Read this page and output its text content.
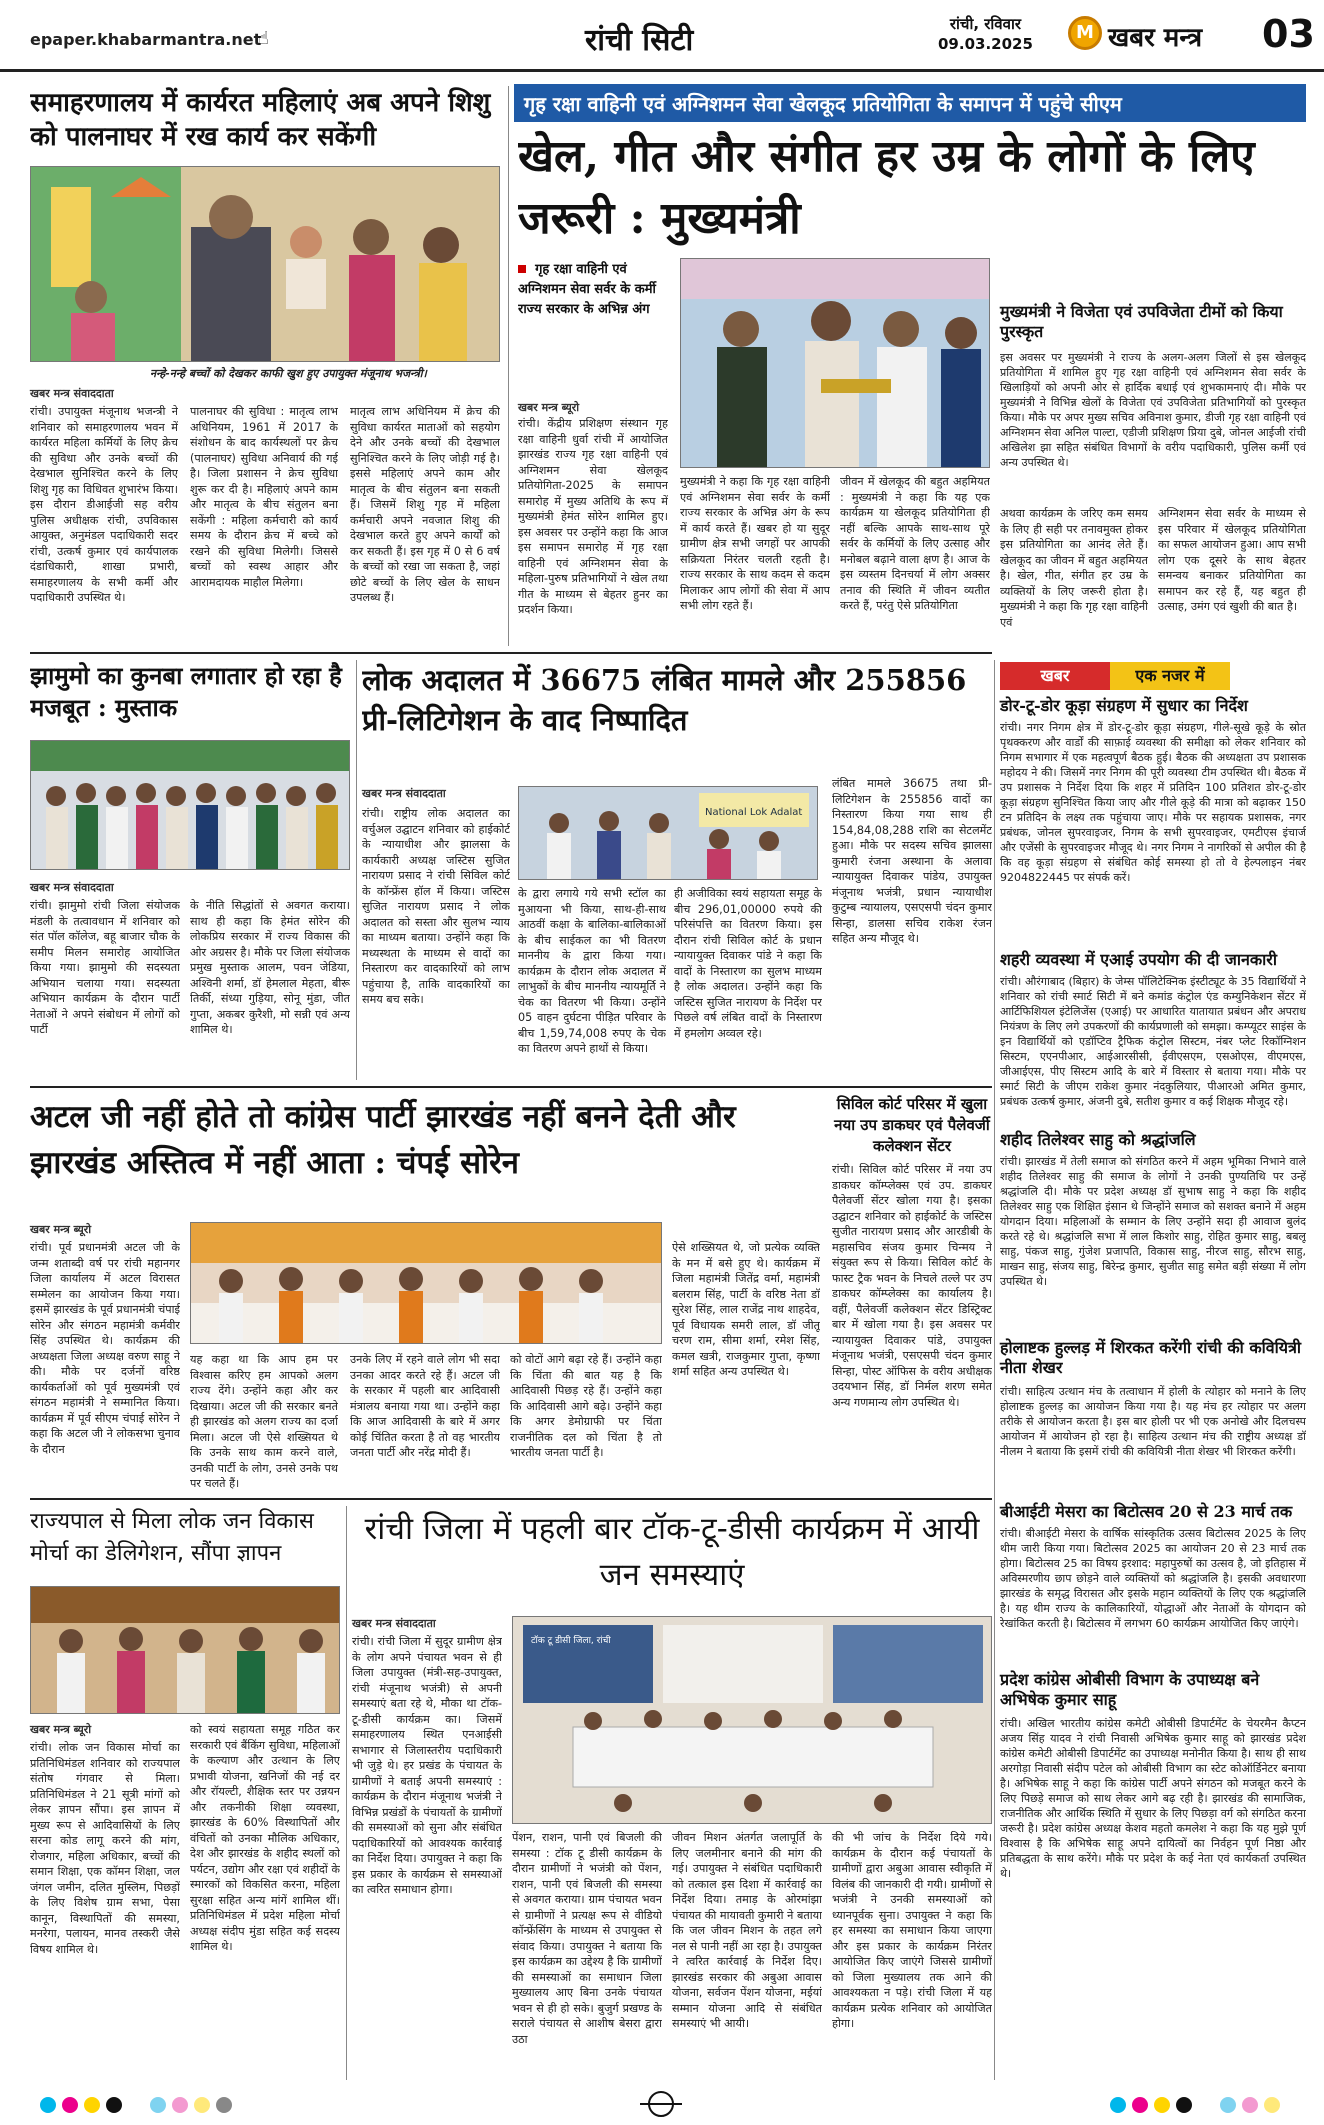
epaper.khabarmantra.net
☝	रांची सिटी	रांची, रविवार
09.03.2025
M खबर मन्त्र 03
समाहरणालय में कार्यरत महिलाएं अब अपने शिशु को पालनाघर में रख कार्य कर सकेंगी
नन्हे-नन्हे बच्चों को देखकर काफी खुश हुए उपायुक्त मंजूनाथ भजन्त्री।
खबर मन्त्र संवाददाता
रांची। उपायुक्त मंजूनाथ भजन्त्री ने शनिवार को समाहरणालय भवन में कार्यरत महिला कर्मियों के लिए क्रेच की सुविधा और उनके बच्चों की देखभाल सुनिश्चित करने के लिए शिशु गृह का विधिवत शुभारंभ किया। इस दौरान डीआईजी सह वरीय पुलिस अधीक्षक रांची, उपविकास आयुक्त, अनुमंडल पदाधिकारी सदर रांची, उत्कर्ष कुमार एवं कार्यपालक दंडाधिकारी, शाखा प्रभारी, समाहरणालय के सभी कर्मी और पदाधिकारी उपस्थित थे।
पालनाघर की सुविधा : मातृत्व लाभ अधिनियम, 1961 में 2017 के संशोधन के बाद कार्यस्थलों पर क्रेच (पालनाघर) सुविधा अनिवार्य की गई है। जिला प्रशासन ने क्रेच सुविधा शुरू कर दी है। महिलाएं अपने काम और मातृत्व के बीच संतुलन बना सकेंगी : महिला कर्मचारी को कार्य समय के दौरान क्रेच में बच्चे को रखने की सुविधा मिलेगी। जिससे बच्चों को स्वस्थ आहार और आरामदायक माहौल मिलेगा।
मातृत्व लाभ अधिनियम में क्रेच की सुविधा कार्यरत माताओं को सहयोग देने और उनके बच्चों की देखभाल सुनिश्चित करने के लिए जोड़ी गई है। इससे महिलाएं अपने काम और मातृत्व के बीच संतुलन बना सकती हैं। जिसमें शिशु गृह में महिला कर्मचारी अपने नवजात शिशु की देखभाल करते हुए अपने कार्यों को कर सकती हैं। इस गृह में 0 से 6 वर्ष के बच्चों को रखा जा सकता है, जहां छोटे बच्चों के लिए खेल के साधन उपलब्ध हैं।
गृह रक्षा वाहिनी एवं अग्निशमन सेवा खेलकूद प्रतियोगिता के समापन में पहुंचे सीएम
खेल, गीत और संगीत हर उम्र के लोगों के लिए जरूरी : मुख्यमंत्री
गृह रक्षा वाहिनी एवं अग्निशमन सेवा सर्वर के कर्मी राज्य सरकार के अभिन्न अंग
खबर मन्त्र ब्यूरो
रांची। केंद्रीय प्रशिक्षण संस्थान गृह रक्षा वाहिनी धुर्वा रांची में आयोजित झारखंड राज्य गृह रक्षा वाहिनी एवं अग्निशमन सेवा खेलकूद प्रतियोगिता-2025 के समापन समारोह में मुख्य अतिथि के रूप में मुख्यमंत्री हेमंत सोरेन शामिल हुए। इस अवसर पर उन्होंने कहा कि आज इस समापन समारोह में गृह रक्षा वाहिनी एवं अग्निशमन सेवा के महिला-पुरुष प्रतिभागियों ने खेल तथा गीत के माध्यम से बेहतर हुनर का प्रदर्शन किया।
मुख्यमंत्री ने कहा कि गृह रक्षा वाहिनी एवं अग्निशमन सेवा सर्वर के कर्मी राज्य सरकार के अभिन्न अंग के रूप में कार्य करते हैं। खबर हो या सुदूर ग्रामीण क्षेत्र सभी जगहों पर आपकी सक्रियता निरंतर चलती रहती है। राज्य सरकार के साथ कदम से कदम मिलाकर आप लोगों की सेवा में आप सभी लोग रहते हैं।
जीवन में खेलकूद की बहुत अहमियत : मुख्यमंत्री ने कहा कि यह एक कार्यक्रम या खेलकूद प्रतियोगिता ही नहीं बल्कि आपके साथ-साथ पूरे सर्वर के कर्मियों के लिए उत्साह और मनोबल बढ़ाने वाला क्षण है। आज के इस व्यस्तम दिनचर्या में लोग अक्सर तनाव की स्थिति में जीवन व्यतीत करते हैं, परंतु ऐसे प्रतियोगिता
मुख्यमंत्री ने विजेता एवं उपविजेता टीमों को किया पुरस्कृत
इस अवसर पर मुख्यमंत्री ने राज्य के अलग-अलग जिलों से इस खेलकूद प्रतियोगिता में शामिल हुए गृह रक्षा वाहिनी एवं अग्निशमन सेवा सर्वर के खिलाड़ियों को अपनी ओर से हार्दिक बधाई एवं शुभकामनाएं दी। मौके पर मुख्यमंत्री ने विभिन्न खेलों के विजेता एवं उपविजेता प्रतिभागियों को पुरस्कृत किया। मौके पर अपर मुख्य सचिव अविनाश कुमार, डीजी गृह रक्षा वाहिनी एवं अग्निशमन सेवा अनिल पाल्टा, एडीजी प्रशिक्षण प्रिया दुबे, जोनल आईजी रांची अखिलेश झा सहित संबंधित विभागों के वरीय पदाधिकारी, पुलिस कर्मी एवं अन्य उपस्थित थे।
अथवा कार्यक्रम के जरिए कम समय के लिए ही सही पर तनावमुक्त होकर इस प्रतियोगिता का आनंद लेते हैं। खेलकूद का जीवन में बहुत अहमियत है। खेल, गीत, संगीत हर उम्र के व्यक्तियों के लिए जरूरी होता है। मुख्यमंत्री ने कहा कि गृह रक्षा वाहिनी एवं
अग्निशमन सेवा सर्वर के माध्यम से इस परिवार में खेलकूद प्रतियोगिता का सफल आयोजन हुआ। आप सभी लोग एक दूसरे के साथ बेहतर समन्वय बनाकर प्रतियोगिता का समापन कर रहे हैं, यह बहुत ही उत्साह, उमंग एवं खुशी की बात है।
झामुमो का कुनबा लगातार हो रहा है मजबूत : मुस्ताक
खबर मन्त्र संवाददाता
रांची। झामुमो रांची जिला संयोजक मंडली के तत्वावधान में शनिवार को संत पॉल कॉलेज, बहू बाजार चौक के समीप मिलन समारोह आयोजित किया गया। झामुमो की सदस्यता अभियान चलाया गया। सदस्यता अभियान कार्यक्रम के दौरान पार्टी नेताओं ने अपने संबोधन में लोगों को पार्टी
के नीति सिद्धांतों से अवगत कराया। साथ ही कहा कि हेमंत सोरेन की लोकप्रिय सरकार में राज्य विकास की ओर अग्रसर है। मौके पर जिला संयोजक प्रमुख मुस्ताक आलम, पवन जेडिया, अश्विनी शर्मा, डॉ हेमलाल मेहता, बीरू तिर्की, संध्या गुड़िया, सोनू मुंडा, जीत गुप्ता, अकबर कुरैशी, मो सन्नी एवं अन्य शामिल थे।
लोक अदालत में 36675 लंबित मामले और 255856 प्री-लिटिगेशन के वाद निष्पादित
खबर मन्त्र संवाददाता
रांची। राष्ट्रीय लोक अदालत का वर्चुअल उद्घाटन शनिवार को हाईकोर्ट के न्यायाधीश और झालसा के कार्यकारी अध्यक्ष जस्टिस सुजित नारायण प्रसाद ने रांची सिविल कोर्ट के कॉन्फ्रेंस हॉल में किया। जस्टिस सुजित नारायण प्रसाद ने लोक अदालत को सस्ता और सुलभ न्याय का माध्यम बताया। उन्होंने कहा कि मध्यस्थता के माध्यम से वादों का निस्तारण कर वादकारियों को लाभ पहुंचाया है, ताकि वादकारियों का समय बच सके।
National Lok Adalat
के द्वारा लगाये गये सभी स्टॉल का मुआयना भी किया, साथ-ही-साथ आठवीं कक्षा के बालिका-बालिकाओं के बीच साईकल का भी वितरण माननीय के द्वारा किया गया। कार्यक्रम के दौरान लोक अदालत में लाभुकों के बीच माननीय न्यायमूर्ति ने चेक का वितरण भी किया। उन्होंने 05 वाहन दुर्घटना पीड़ित परिवार के बीच 1,59,74,008 रुपए के चेक का वितरण अपने हाथों से किया।
ही अजीविका स्वयं सहायता समूह के बीच 296,01,00000 रुपये की परिसंपत्ति का वितरण किया। इस दौरान रांची सिविल कोर्ट के प्रधान न्यायायुक्त दिवाकर पांडे ने कहा कि वादों के निस्तारण का सुलभ माध्यम है लोक अदालत। उन्होंने कहा कि जस्टिस सुजित नारायण के निर्देश पर पिछले वर्ष लंबित वादों के निस्तारण में हमलोग अव्वल रहे।
लंबित मामले 36675 तथा प्री-लिटिगेशन के 255856 वादों का निस्तारण किया गया साथ ही 154,84,08,288 राशि का सेटलमेंट हुआ। मौके पर सदस्य सचिव झालसा कुमारी रंजना अस्थाना के अलावा न्यायायुक्त दिवाकर पांडेय, उपायुक्त मंजूनाथ भजंत्री, प्रधान न्यायाधीश कुटुम्ब न्यायालय, एसएसपी चंदन कुमार सिन्हा, डालसा सचिव राकेश रंजन सहित अन्य मौजूद थे।
खबर	एक नजर में
डोर-टू-डोर कूड़ा संग्रहण में सुधार का निर्देश
रांची। नगर निगम क्षेत्र में डोर-टू-डोर कूड़ा संग्रहण, गीले-सूखे कूड़े के स्रोत पृथक्करण और वार्डों की साफ़ाई व्यवस्था की समीक्षा को लेकर शनिवार को निगम सभागार में एक महत्वपूर्ण बैठक हुई। बैठक की अध्यक्षता उप प्रशासक महोदय ने की। जिसमें नगर निगम की पूरी व्यवस्था टीम उपस्थित थी। बैठक में उप प्रशासक ने निर्देश दिया कि शहर में प्रतिदिन 100 प्रतिशत डोर-टू-डोर कूड़ा संग्रहण सुनिश्चित किया जाए और गीले कूड़े की मात्रा को बढ़ाकर 150 टन प्रतिदिन के लक्ष्य तक पहुंचाया जाए। मौके पर सहायक प्रशासक, नगर प्रबंधक, जोनल सुपरवाइजर, निगम के सभी सुपरवाइजर, एमटीएस इंचार्ज और एजेंसी के सुपरवाइजर मौजूद थे। नगर निगम ने नागरिकों से अपील की है कि वह कूड़ा संग्रहण से संबंधित कोई समस्या हो तो वे हेल्पलाइन नंबर 9204822445 पर संपर्क करें।
शहरी व्यवस्था में एआई उपयोग की दी जानकारी
रांची। औरंगाबाद (बिहार) के जेम्स पॉलिटेक्निक इंस्टीट्यूट के 35 विद्यार्थियों ने शनिवार को रांची स्मार्ट सिटी में बने कमांड कंट्रोल एंड कम्युनिकेशन सेंटर में आर्टिफिशियल इंटेलिजेंस (एआई) पर आधारित यातायात प्रबंधन और अपराध नियंत्रण के लिए लगे उपकरणों की कार्यप्रणाली को समझा। कम्प्यूटर साइंस के इन विद्यार्थियों को एडॉप्टिव ट्रैफिक कंट्रोल सिस्टम, नंबर प्लेट रिकॉग्निशन सिस्टम, एएनपीआर, आईआरसीसी, ईवीएसएम, एसओएस, वीएमएस, जीआईएस, पीए सिस्टम आदि के बारे में विस्तार से बताया गया। मौके पर स्मार्ट सिटी के जीएम राकेश कुमार नंदकुलियार, पीआरओ अमित कुमार, प्रबंधक उत्कर्ष कुमार, अंजनी दुबे, सतीश कुमार व कई शिक्षक मौजूद रहे।
शहीद तिलेश्वर साहु को श्रद्धांजलि
रांची। झारखंड में तेली समाज को संगठित करने में अहम भूमिका निभाने वाले शहीद तिलेश्वर साहु की समाज के लोगों ने उनकी पुण्यतिथि पर उन्हें श्रद्धांजलि दी। मौके पर प्रदेश अध्यक्ष डॉ सुभाष साहु ने कहा कि शहीद तिलेश्वर साहु एक शिक्षित इंसान थे जिन्होंने समाज को सशक्त बनाने में अहम योगदान दिया। महिलाओं के सम्मान के लिए उन्होंने सदा ही आवाज बुलंद करते रहे थे। श्रद्धांजलि सभा में लाल किशोर साहु, रोहित कुमार साहु, बबलू साहु, पंकज साहु, गुंजेश प्रजापति, विकास साहु, नीरज साहु, सौरभ साहु, माखन साहु, संजय साहु, बिरेन्द्र कुमार, सुजीत साहु समेत बड़ी संख्या में लोग उपस्थित थे।
होलाष्टक हुल्लड़ में शिरकत करेंगी रांची की कवियित्री नीता शेखर
रांची। साहित्य उत्थान मंच के तत्वाधान में होली के त्योहार को मनाने के लिए होलाष्टक हुल्लड़ का आयोजन किया गया है। यह मंच हर त्योहार पर अलग तरीके से आयोजन करता है। इस बार होली पर भी एक अनोखे और दिलचस्प आयोजन में आयोजन हो रहा है। साहित्य उत्थान मंच की राष्ट्रीय अध्यक्ष डॉ नीलम ने बताया कि इसमें रांची की कवियित्री नीता शेखर भी शिरकत करेंगी।
बीआईटी मेसरा का बिटोत्सव 20 से 23 मार्च तक
रांची। बीआईटी मेसरा के वार्षिक सांस्कृतिक उत्सव बिटोत्सव 2025 के लिए थीम जारी किया गया। बिटोत्सव 2025 का आयोजन 20 से 23 मार्च तक होगा। बिटोत्सव 25 का विषय इरशाद: महापुरुषों का उत्सव है, जो इतिहास में अविस्मरणीय छाप छोड़ने वाले व्यक्तियों को श्रद्धांजलि है। इसकी अवधारणा झारखंड के समृद्ध विरासत और इसके महान व्यक्तियों के लिए एक श्रद्धांजलि है। यह थीम राज्य के कालिकारियों, योद्धाओं और नेताओं के योगदान को रेखांकित करती है। बिटोत्सव में लगभग 60 कार्यक्रम आयोजित किए जाएंगे।
प्रदेश कांग्रेस ओबीसी विभाग के उपाध्यक्ष बने अभिषेक कुमार साहू
रांची। अखिल भारतीय कांग्रेस कमेटी ओबीसी डिपार्टमेंट के चेयरमैन कैप्टन अजय सिंह यादव ने रांची निवासी अभिषेक कुमार साहू को झारखंड प्रदेश कांग्रेस कमेटी ओबीसी डिपार्टमेंट का उपाध्यक्ष मनोनीत किया है। साथ ही साथ अरगोड़ा निवासी संदीप पटेल को ओबीसी विभाग का स्टेट कोऑर्डिनेटर बनाया है। अभिषेक साहू ने कहा कि कांग्रेस पार्टी अपने संगठन को मजबूत करने के लिए पिछड़े समाज को साथ लेकर आगे बढ़ रही है। झारखंड की सामाजिक, राजनीतिक और आर्थिक स्थिति में सुधार के लिए पिछड़ा वर्ग को संगठित करना जरूरी है। प्रदेश कांग्रेस अध्यक्ष केशव महतो कमलेश ने कहा कि यह मुझे पूर्ण विश्वास है कि अभिषेक साहू अपने दायित्वों का निर्वहन पूर्ण निष्ठा और प्रतिबद्धता के साथ करेंगे। मौके पर प्रदेश के कई नेता एवं कार्यकर्ता उपस्थित थे।
अटल जी नहीं होते तो कांग्रेस पार्टी झारखंड नहीं बनने देती और झारखंड अस्तित्व में नहीं आता : चंपई सोरेन
खबर मन्त्र ब्यूरो
रांची। पूर्व प्रधानमंत्री अटल जी के जन्म शताब्दी वर्ष पर रांची महानगर जिला कार्यालय में अटल विरासत सम्मेलन का आयोजन किया गया। इसमें झारखंड के पूर्व प्रधानमंत्री चंपाई सोरेन और संगठन महामंत्री कर्मवीर सिंह उपस्थित थे। कार्यक्रम की अध्यक्षता जिला अध्यक्ष वरुण साहू ने की। मौके पर दर्जनों वरिष्ठ कार्यकर्ताओं को पूर्व मुख्यमंत्री एवं संगठन महामंत्री ने सम्मानित किया। कार्यक्रम में पूर्व सीएम चंपाई सोरेन ने कहा कि अटल जी ने लोकसभा चुनाव के दौरान
यह कहा था कि आप हम पर विश्वास करिए हम आपको अलग राज्य देंगे। उन्होंने कहा और कर दिखाया। अटल जी की सरकार बनते ही झारखंड को अलग राज्य का दर्जा मिला। अटल जी ऐसे शख्सियत थे कि उनके साथ काम करने वाले, उनकी पार्टी के लोग, उनसे उनके पथ पर चलते हैं।
उनके लिए में रहने वाले लोग भी सदा उनका आदर करते रहे हैं। अटल जी के सरकार में पहली बार आदिवासी मंत्रालय बनाया गया था। उन्होंने कहा कि आज आदिवासी के बारे में अगर कोई चिंतित करता है तो वह भारतीय जनता पार्टी और नरेंद्र मोदी हैं।
को वोटों आगे बढ़ा रहे हैं। उन्होंने कहा कि चिंता की बात यह है कि आदिवासी पिछड़ रहे हैं। उन्होंने कहा कि आदिवासी आगे बढ़े। उन्होंने कहा कि अगर डेमोग्राफी पर चिंता राजनीतिक दल को चिंता है तो भारतीय जनता पार्टी है।
ऐसे शख्सियत थे, जो प्रत्येक व्यक्ति के मन में बसे हुए थे। कार्यक्रम में जिला महामंत्री जितेंद्र वर्मा, महामंत्री बलराम सिंह, पार्टी के वरिष्ठ नेता डॉ सुरेश सिंह, लाल राजेंद्र नाथ शाहदेव, पूर्व विधायक समरी लाल, डॉ जीतू चरण राम, सीमा शर्मा, रमेश सिंह, कमल खत्री, राजकुमार गुप्ता, कृष्णा शर्मा सहित अन्य उपस्थित थे।
सिविल कोर्ट परिसर में खुला नया उप डाकघर एवं पैलेवर्जी कलेक्शन सेंटर
रांची। सिविल कोर्ट परिसर में नया उप डाकघर कॉम्प्लेक्स एवं उप. डाकघर पैलेवर्जी सेंटर खोला गया है। इसका उद्घाटन शनिवार को हाईकोर्ट के जस्टिस सुजीत नारायण प्रसाद और आरडीबी के महासचिव संजय कुमार चिन्मय ने संयुक्त रूप से किया। सिविल कोर्ट के फास्ट ट्रैक भवन के निचले तल्ले पर उप डाकघर कॉम्प्लेक्स का कार्यालय है। वहीं, पैलेवर्जी कलेक्शन सेंटर डिस्ट्रिक्ट बार में खोला गया है। इस अवसर पर न्यायायुक्त दिवाकर पांडे, उपायुक्त मंजूनाथ भजंत्री, एसएसपी चंदन कुमार सिन्हा, पोस्ट ऑफिस के वरीय अधीक्षक उदयभान सिंह, डॉ निर्मल शरण समेत अन्य गणमान्य लोग उपस्थित थे।
राज्यपाल से मिला लोक जन विकास मोर्चा का डेलिगेशन, सौंपा ज्ञापन
खबर मन्त्र ब्यूरो
रांची। लोक जन विकास मोर्चा का प्रतिनिधिमंडल शनिवार को राज्यपाल संतोष गंगवार से मिला। प्रतिनिधिमंडल ने 21 सूत्री मांगों को लेकर ज्ञापन सौंपा। इस ज्ञापन में मुख्य रूप से आदिवासियों के लिए सरना कोड लागू करने की मांग, रोजगार, महिला अधिकार, बच्चों की समान शिक्षा, एक कॉमन शिक्षा, जल जंगल जमीन, दलित मुस्लिम, पिछड़ों के लिए विशेष ग्राम सभा, पेसा कानून, विस्थापितों की समस्या, मनरेगा, पलायन, मानव तस्करी जैसे विषय शामिल थे।
को स्वयं सहायता समूह गठित कर सरकारी एवं बैंकिंग सुविधा, महिलाओं के कल्याण और उत्थान के लिए प्रभावी योजना, खनिजों की नई दर और रॉयल्टी, शैक्षिक स्तर पर उन्नयन और तकनीकी शिक्षा व्यवस्था, झारखंड के 60% विस्थापितों और वंचितों को उनका मौलिक अधिकार, देश और झारखंड के शहीद स्थलों को पर्यटन, उद्योग और रक्षा एवं शहीदों के स्मारकों को विकसित करना, महिला सुरक्षा सहित अन्य मांगें शामिल थीं। प्रतिनिधिमंडल में प्रदेश महिला मोर्चा अध्यक्ष संदीप मुंडा सहित कई सदस्य शामिल थे।
रांची जिला में पहली बार टॉक-टू-डीसी कार्यक्रम में आयी जन समस्याएं
खबर मन्त्र संवाददाता
रांची। रांची जिला में सुदूर ग्रामीण क्षेत्र के लोग अपने पंचायत भवन से ही जिला उपायुक्त (मंत्री-सह-उपायुक्त, रांची मंजूनाथ भजंत्री) से अपनी समस्याएं बता रहे थे, मौका था टॉक-टू-डीसी कार्यक्रम का। जिसमें समाहरणालय स्थित एनआईसी सभागार से जिलास्तरीय पदाधिकारी भी जुड़े थे। हर प्रखंड के पंचायत के ग्रामीणों ने बताई अपनी समस्याएं : कार्यक्रम के दौरान मंजूनाथ भजंत्री ने विभिन्न प्रखंडों के पंचायतों के ग्रामीणों की समस्याओं को सुना और संबंधित पदाधिकारियों को आवश्यक कार्रवाई का निर्देश दिया। उपायुक्त ने कहा कि इस प्रकार के कार्यक्रम से समस्याओं का त्वरित समाधान होगा।
टॉक टू डीसी जिला, रांची
पेंशन, राशन, पानी एवं बिजली की समस्या : टॉक टू डीसी कार्यक्रम के दौरान ग्रामीणों ने भजंत्री को पेंशन, राशन, पानी एवं बिजली की समस्या से अवगत कराया। ग्राम पंचायत भवन से ग्रामीणों ने प्रत्यक्ष रूप से वीडियो कॉन्फ्रेंसिंग के माध्यम से उपायुक्त से संवाद किया। उपायुक्त ने बताया कि इस कार्यक्रम का उद्देश्य है कि ग्रामीणों की समस्याओं का समाधान जिला मुख्यालय आए बिना उनके पंचायत भवन से ही हो सके। बुजुर्ग प्रखण्ड के सराले पंचायत से आशीष बेसरा द्वारा उठा
जीवन मिशन अंतर्गत जलापूर्ति के लिए जलमीनार बनाने की मांग की गई। उपायुक्त ने संबंधित पदाधिकारी को तत्काल इस दिशा में कार्रवाई का निर्देश दिया। तमाड़ के ओरमांझा पंचायत की मायावती कुमारी ने बताया कि जल जीवन मिशन के तहत लगे नल से पानी नहीं आ रहा है। उपायुक्त ने त्वरित कार्रवाई के निर्देश दिए। झारखंड सरकार की अबुआ आवास योजना, सर्वजन पेंशन योजना, मईयां सम्मान योजना आदि से संबंधित समस्याएं भी आयी।
की भी जांच के निर्देश दिये गये। कार्यक्रम के दौरान कई पंचायतों के ग्रामीणों द्वारा अबुआ आवास स्वीकृति में विलंब की जानकारी दी गयी। ग्रामीणों से भजंत्री ने उनकी समस्याओं को ध्यानपूर्वक सुना। उपायुक्त ने कहा कि हर समस्या का समाधान किया जाएगा और इस प्रकार के कार्यक्रम निरंतर आयोजित किए जाएंगे जिससे ग्रामीणों को जिला मुख्यालय तक आने की आवश्यकता न पड़े। रांची जिला में यह कार्यक्रम प्रत्येक शनिवार को आयोजित होगा।
